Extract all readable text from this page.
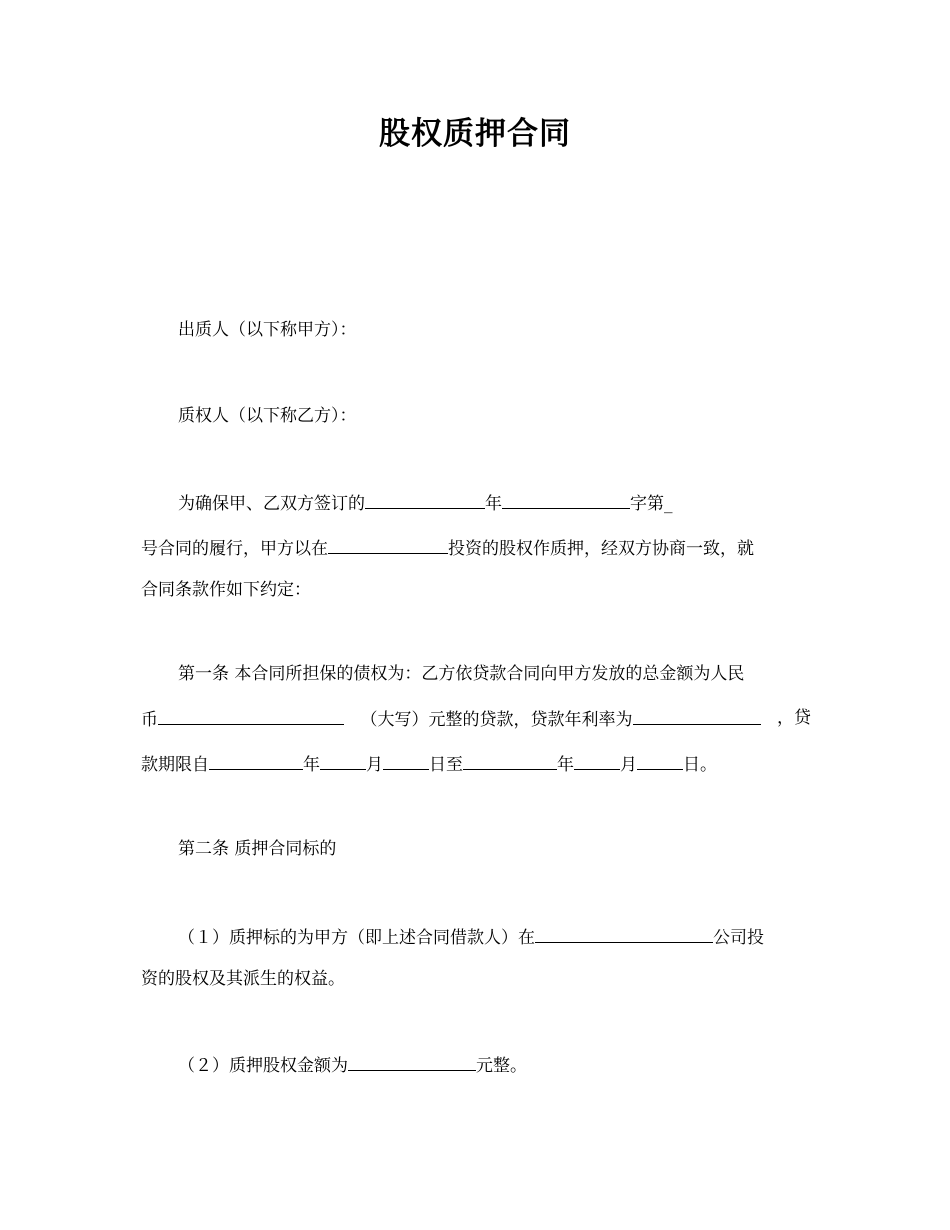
股权质押合同
出质人（以下称甲方）：
质权人（以下称乙方）：
为确保甲、乙双方签订的	年	字第_
号合同的履行，甲方以在	投资的股权作质押，经双方协商一致，就
合同条款作如下约定：
第一条 本合同所担保的债权为：乙方依贷款合同向甲方发放的总金额为人民
币	（大写）元整的贷款，贷款年利率为	，贷
款期限自	年	月	日至	年	月	日。
第二条 质押合同标的
（１）质押标的为甲方（即上述合同借款人）在	公司投
资的股权及其派生的权益。
（２）质押股权金额为	元整。
